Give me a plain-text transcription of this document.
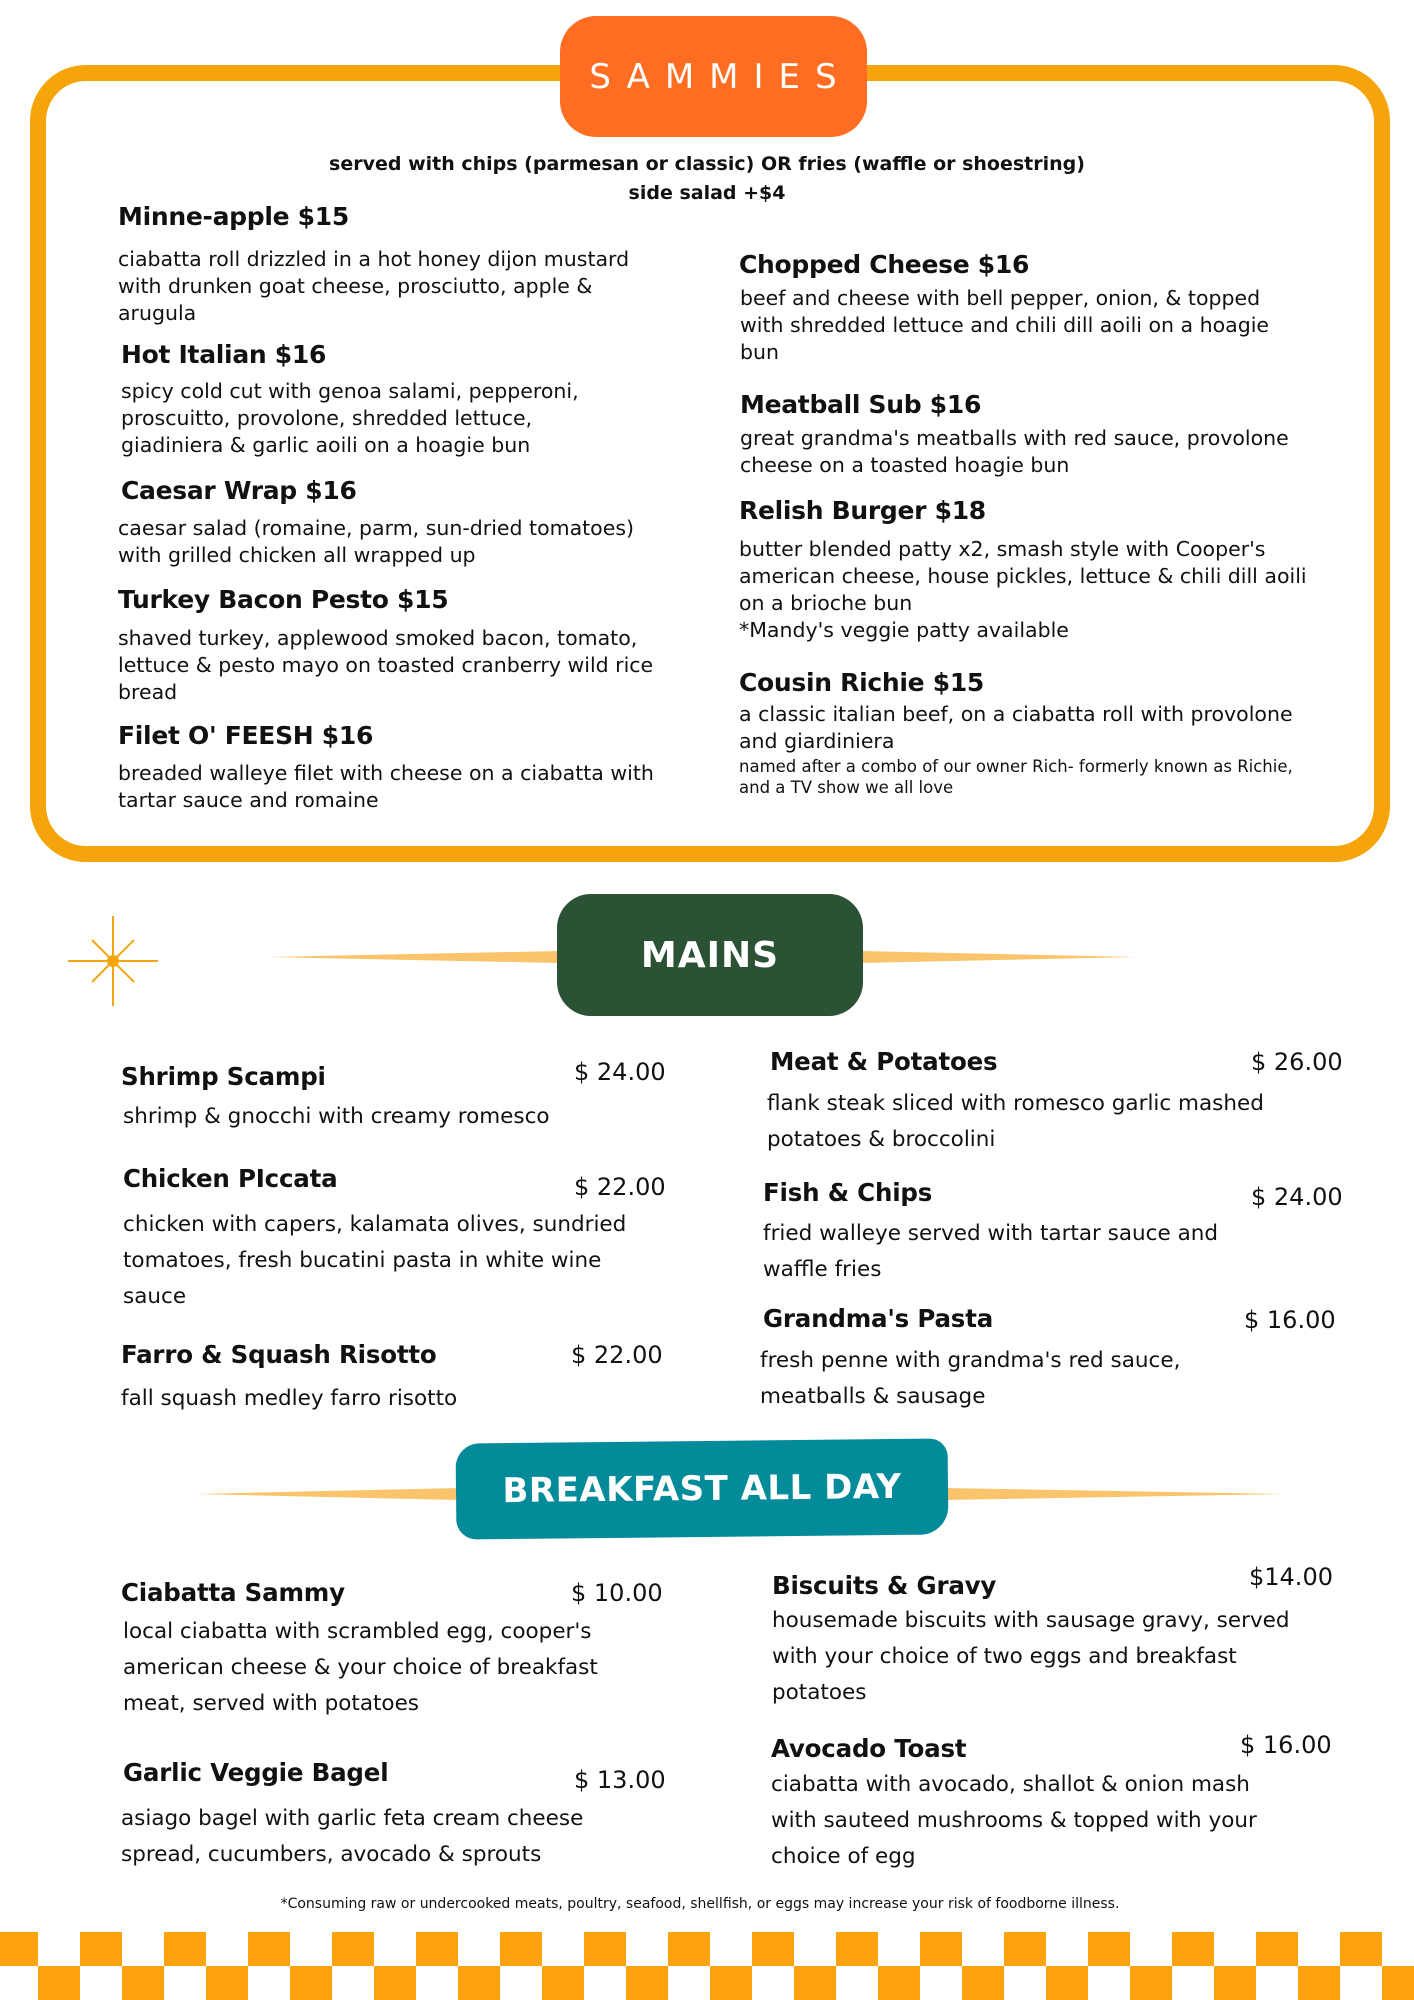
SAMMIES
served with chips (parmesan or classic) OR fries (waffle or shoestring)
side salad +$4
Minne-apple $15
ciabatta roll drizzled in a hot honey dijon mustard
with drunken goat cheese, prosciutto, apple &
arugula
Hot Italian $16
spicy cold cut with genoa salami, pepperoni,
proscuitto, provolone, shredded lettuce,
giadiniera & garlic aoili on a hoagie bun
Caesar Wrap $16
caesar salad (romaine, parm, sun-dried tomatoes)
with grilled chicken all wrapped up
Turkey Bacon Pesto $15
shaved turkey, applewood smoked bacon, tomato,
lettuce & pesto mayo on toasted cranberry wild rice
bread
Filet O' FEESH $16
breaded walleye filet with cheese on a ciabatta with
tartar sauce and romaine
Chopped Cheese $16
beef and cheese with bell pepper, onion, & topped
with shredded lettuce and chili dill aoili on a hoagie
bun
Meatball Sub $16
great grandma's meatballs with red sauce, provolone
cheese on a toasted hoagie bun
Relish Burger $18
butter blended patty x2, smash style with Cooper's
american cheese, house pickles, lettuce & chili dill aoili
on a brioche bun
*Mandy's veggie patty available
Cousin Richie $15
a classic italian beef, on a ciabatta roll with provolone
and giardiniera
named after a combo of our owner Rich- formerly known as Richie,
and a TV show we all love
MAINS
Shrimp Scampi	$ 24.00
shrimp & gnocchi with creamy romesco
Chicken PIccata	$ 22.00
chicken with capers, kalamata olives, sundried
tomatoes, fresh bucatini pasta in white wine
sauce
Farro & Squash Risotto	$ 22.00
fall squash medley farro risotto
Meat & Potatoes	$ 26.00
flank steak sliced with romesco garlic mashed
potatoes & broccolini
Fish & Chips	$ 24.00
fried walleye served with tartar sauce and
waffle fries
Grandma's Pasta	$ 16.00
fresh penne with grandma's red sauce,
meatballs & sausage
BREAKFAST ALL DAY
Ciabatta Sammy	$ 10.00
local ciabatta with scrambled egg, cooper's
american cheese & your choice of breakfast
meat, served with potatoes
Garlic Veggie Bagel	$ 13.00
asiago bagel with garlic feta cream cheese
spread, cucumbers, avocado & sprouts
Biscuits & Gravy	$14.00
housemade biscuits with sausage gravy, served
with your choice of two eggs and breakfast
potatoes
Avocado Toast	$ 16.00
ciabatta with avocado, shallot & onion mash
with sauteed mushrooms & topped with your
choice of egg
*Consuming raw or undercooked meats, poultry, seafood, shellfish, or eggs may increase your risk of foodborne illness.
